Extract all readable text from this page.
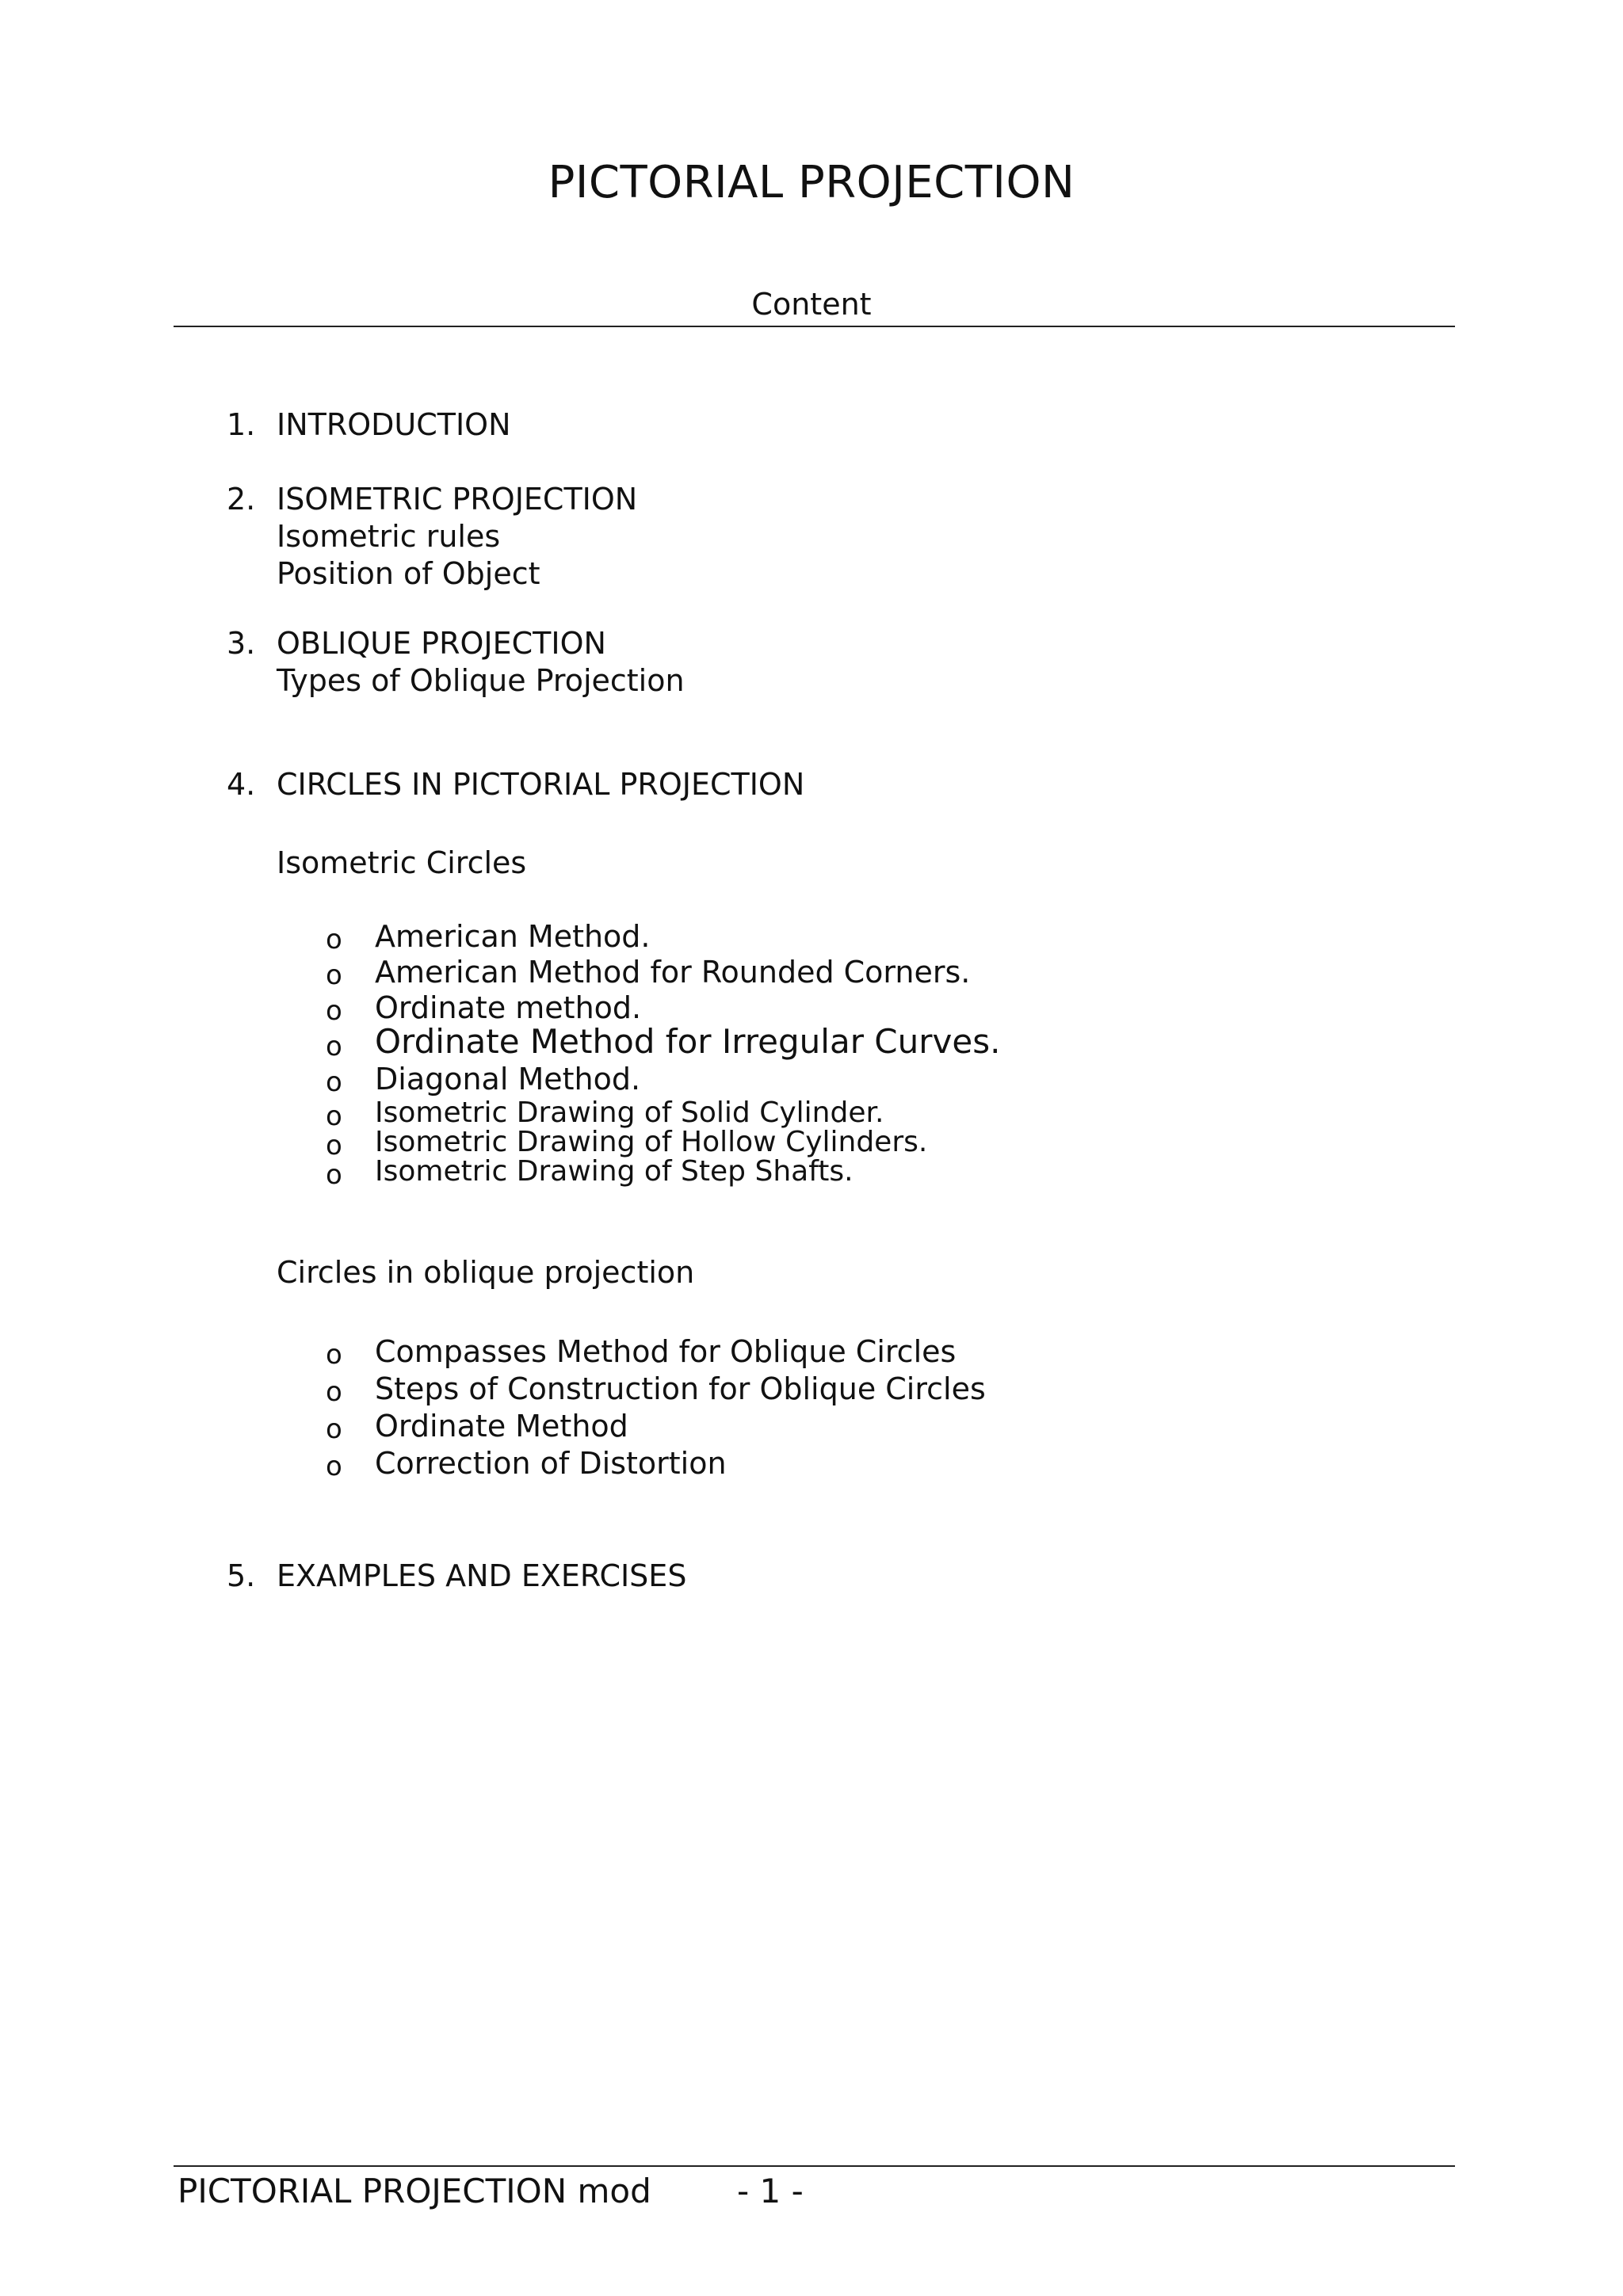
PICTORIAL PROJECTION
Content
1. INTRODUCTION
2. ISOMETRIC PROJECTION
Isometric rules
Position of Object
3. OBLIQUE PROJECTION
Types of Oblique Projection
4. CIRCLES IN PICTORIAL PROJECTION
Isometric Circles
o American Method.
o American Method for Rounded Corners.
o Ordinate method.
o Ordinate Method for Irregular Curves.
o Diagonal Method.
o Isometric Drawing of Solid Cylinder.
o Isometric Drawing of Hollow Cylinders.
o Isometric Drawing of Step Shafts.
Circles in oblique projection
o Compasses Method for Oblique Circles
o Steps of Construction for Oblique Circles
o Ordinate Method
o Correction of Distortion
5. EXAMPLES AND EXERCISES
PICTORIAL PROJECTION mod	- 1 -
